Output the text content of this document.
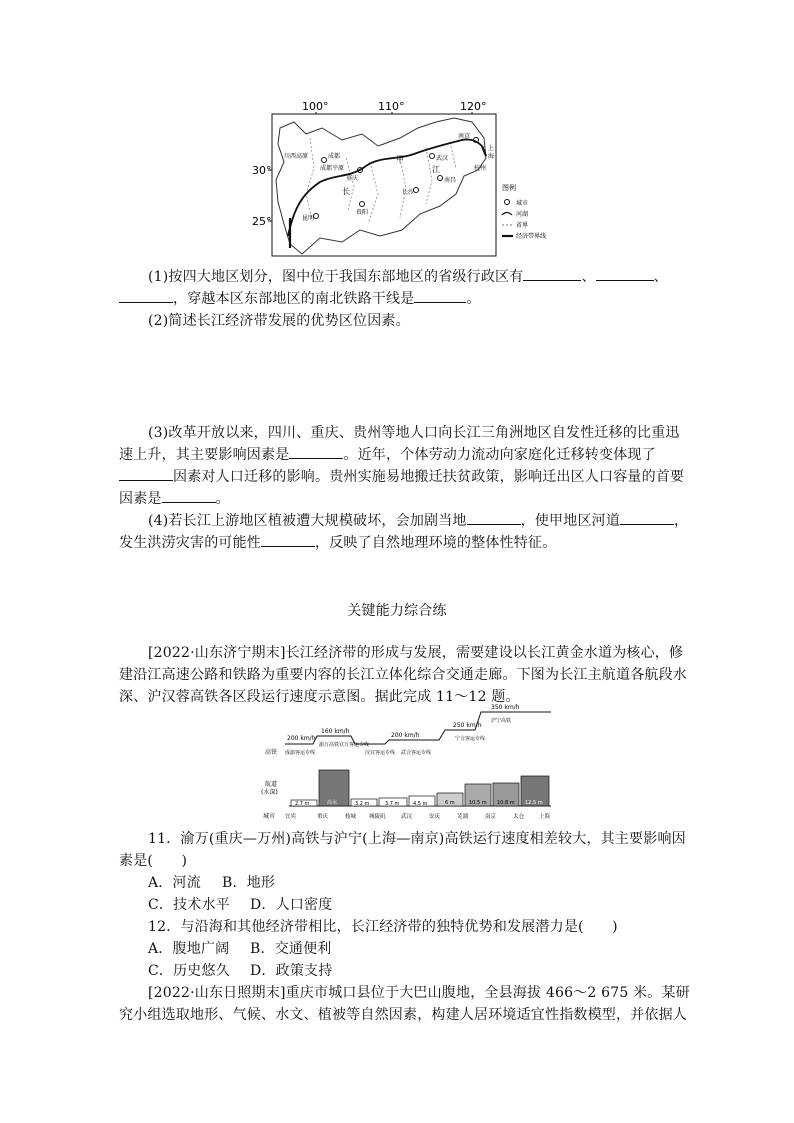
100°	110°	120°
30°
25°
川西高原	成都
成都平原
重庆
长
甲	武汉
江
南京
上
海
杭州
长沙
南昌
贵阳
昆明
图例
城市
河湖
省界
经济带界线
(1)按四大地区划分，图中位于我国东部地区的省级行政区有	、	、
，穿越本区东部地区的南北铁路干线是	。
(2)简述长江经济带发展的优势区位因素。
(3)改革开放以来，四川、重庆、贵州等地人口向长江三角洲地区自发性迁移的比重迅
速上升，其主要影响因素是	。近年，个体劳动力流动向家庭化迁移转变体现了
因素对人口迁移的影响。贵州实施易地搬迁扶贫政策，影响迁出区人口容量的首要
因素是	。
(4)若长江上游地区植被遭大规模破坏，会加剧当地	，使甲地区河道	，
发生洪涝灾害的可能性	，反映了自然地理环境的整体性特征。
关键能力综合练
[2022·山东济宁期末]长江经济带的形成与发展，需要建设以长江黄金水道为核心，修
建沿江高速公路和铁路为重要内容的长江立体化综合交通走廊。下图为长江主航道各航段水
深、沪汉蓉高铁各区段运行速度示意图。据此完成 11～12 题。
200 km/h
160 km/h
200 km/h
250 km/h
350 km/h
高铁 成渝客运专线
渝万高铁宜万客运专线
汉宜客运专线 武合客运专线
宁合客运专线
沪宁高铁
航道
(水深)
2.7 m	高水	3.2 m	3.7 m	4.5 m	6 m	10.5 m 10.8 m 12.5 m
城市 宜宾	重庆	枝城 城陵矶	武汉	安庆	芜湖	南京	太仓	上海
11．渝万(重庆—万州)高铁与沪宁(上海—南京)高铁运行速度相差较大，其主要影响因
素是(　　)
A．河流 B．地形
C．技术水平 D．人口密度
12．与沿海和其他经济带相比，长江经济带的独特优势和发展潜力是(　　)
A．腹地广阔 B．交通便利
C．历史悠久 D．政策支持
[2022·山东日照期末]重庆市城口县位于大巴山腹地，全县海拔 466～2 675 米。某研
究小组选取地形、气候、水文、植被等自然因素，构建人居环境适宜性指数模型，并依据人
